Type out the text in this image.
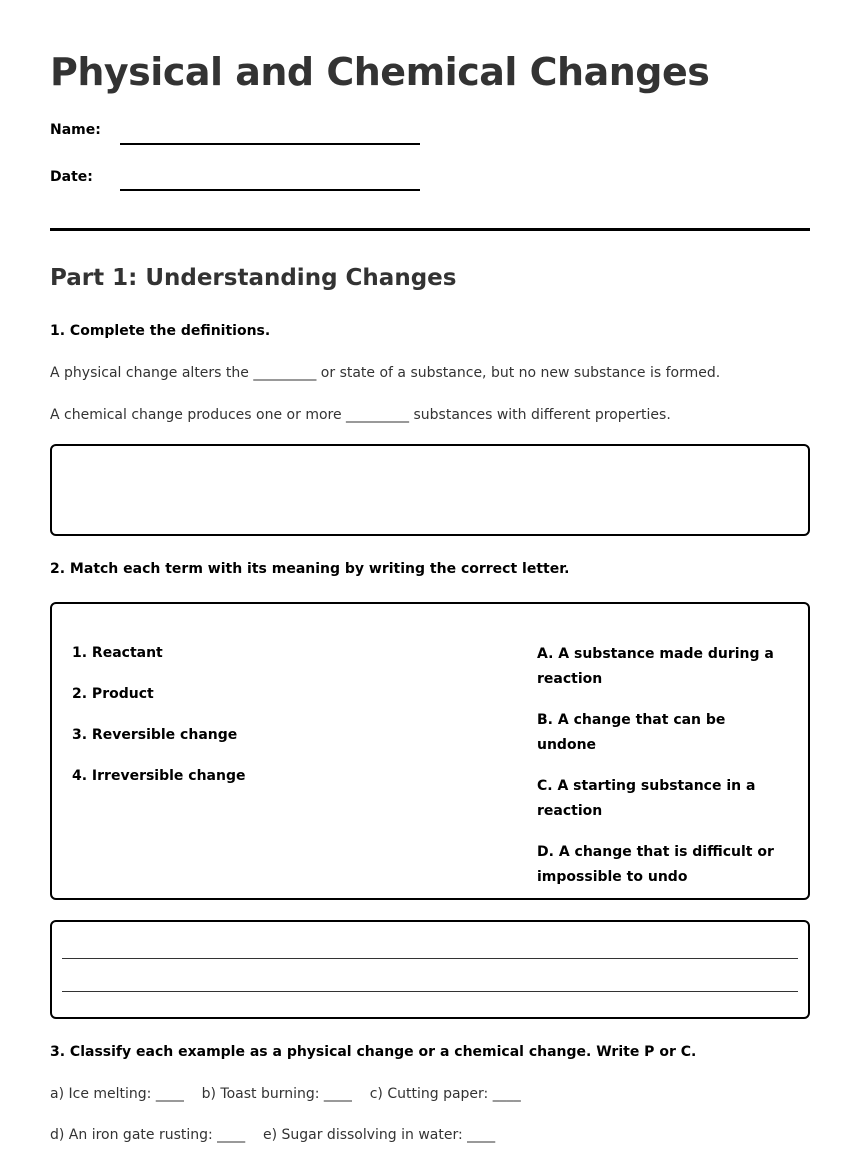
Physical and Chemical Changes
Name:
Date:
Part 1: Understanding Changes
1. Complete the definitions.
A physical change alters the _________ or state of a substance, but no new substance is formed.
A chemical change produces one or more _________ substances with different properties.
2. Match each term with its meaning by writing the correct letter.
1. Reactant
2. Product
3. Reversible change
4. Irreversible change
A. A substance made during a reaction
B. A change that can be undone
C. A starting substance in a reaction
D. A change that is difficult or impossible to undo
3. Classify each example as a physical change or a chemical change. Write P or C.
a) Ice melting: ____    b) Toast burning: ____    c) Cutting paper: ____
d) An iron gate rusting: ____    e) Sugar dissolving in water: ____
